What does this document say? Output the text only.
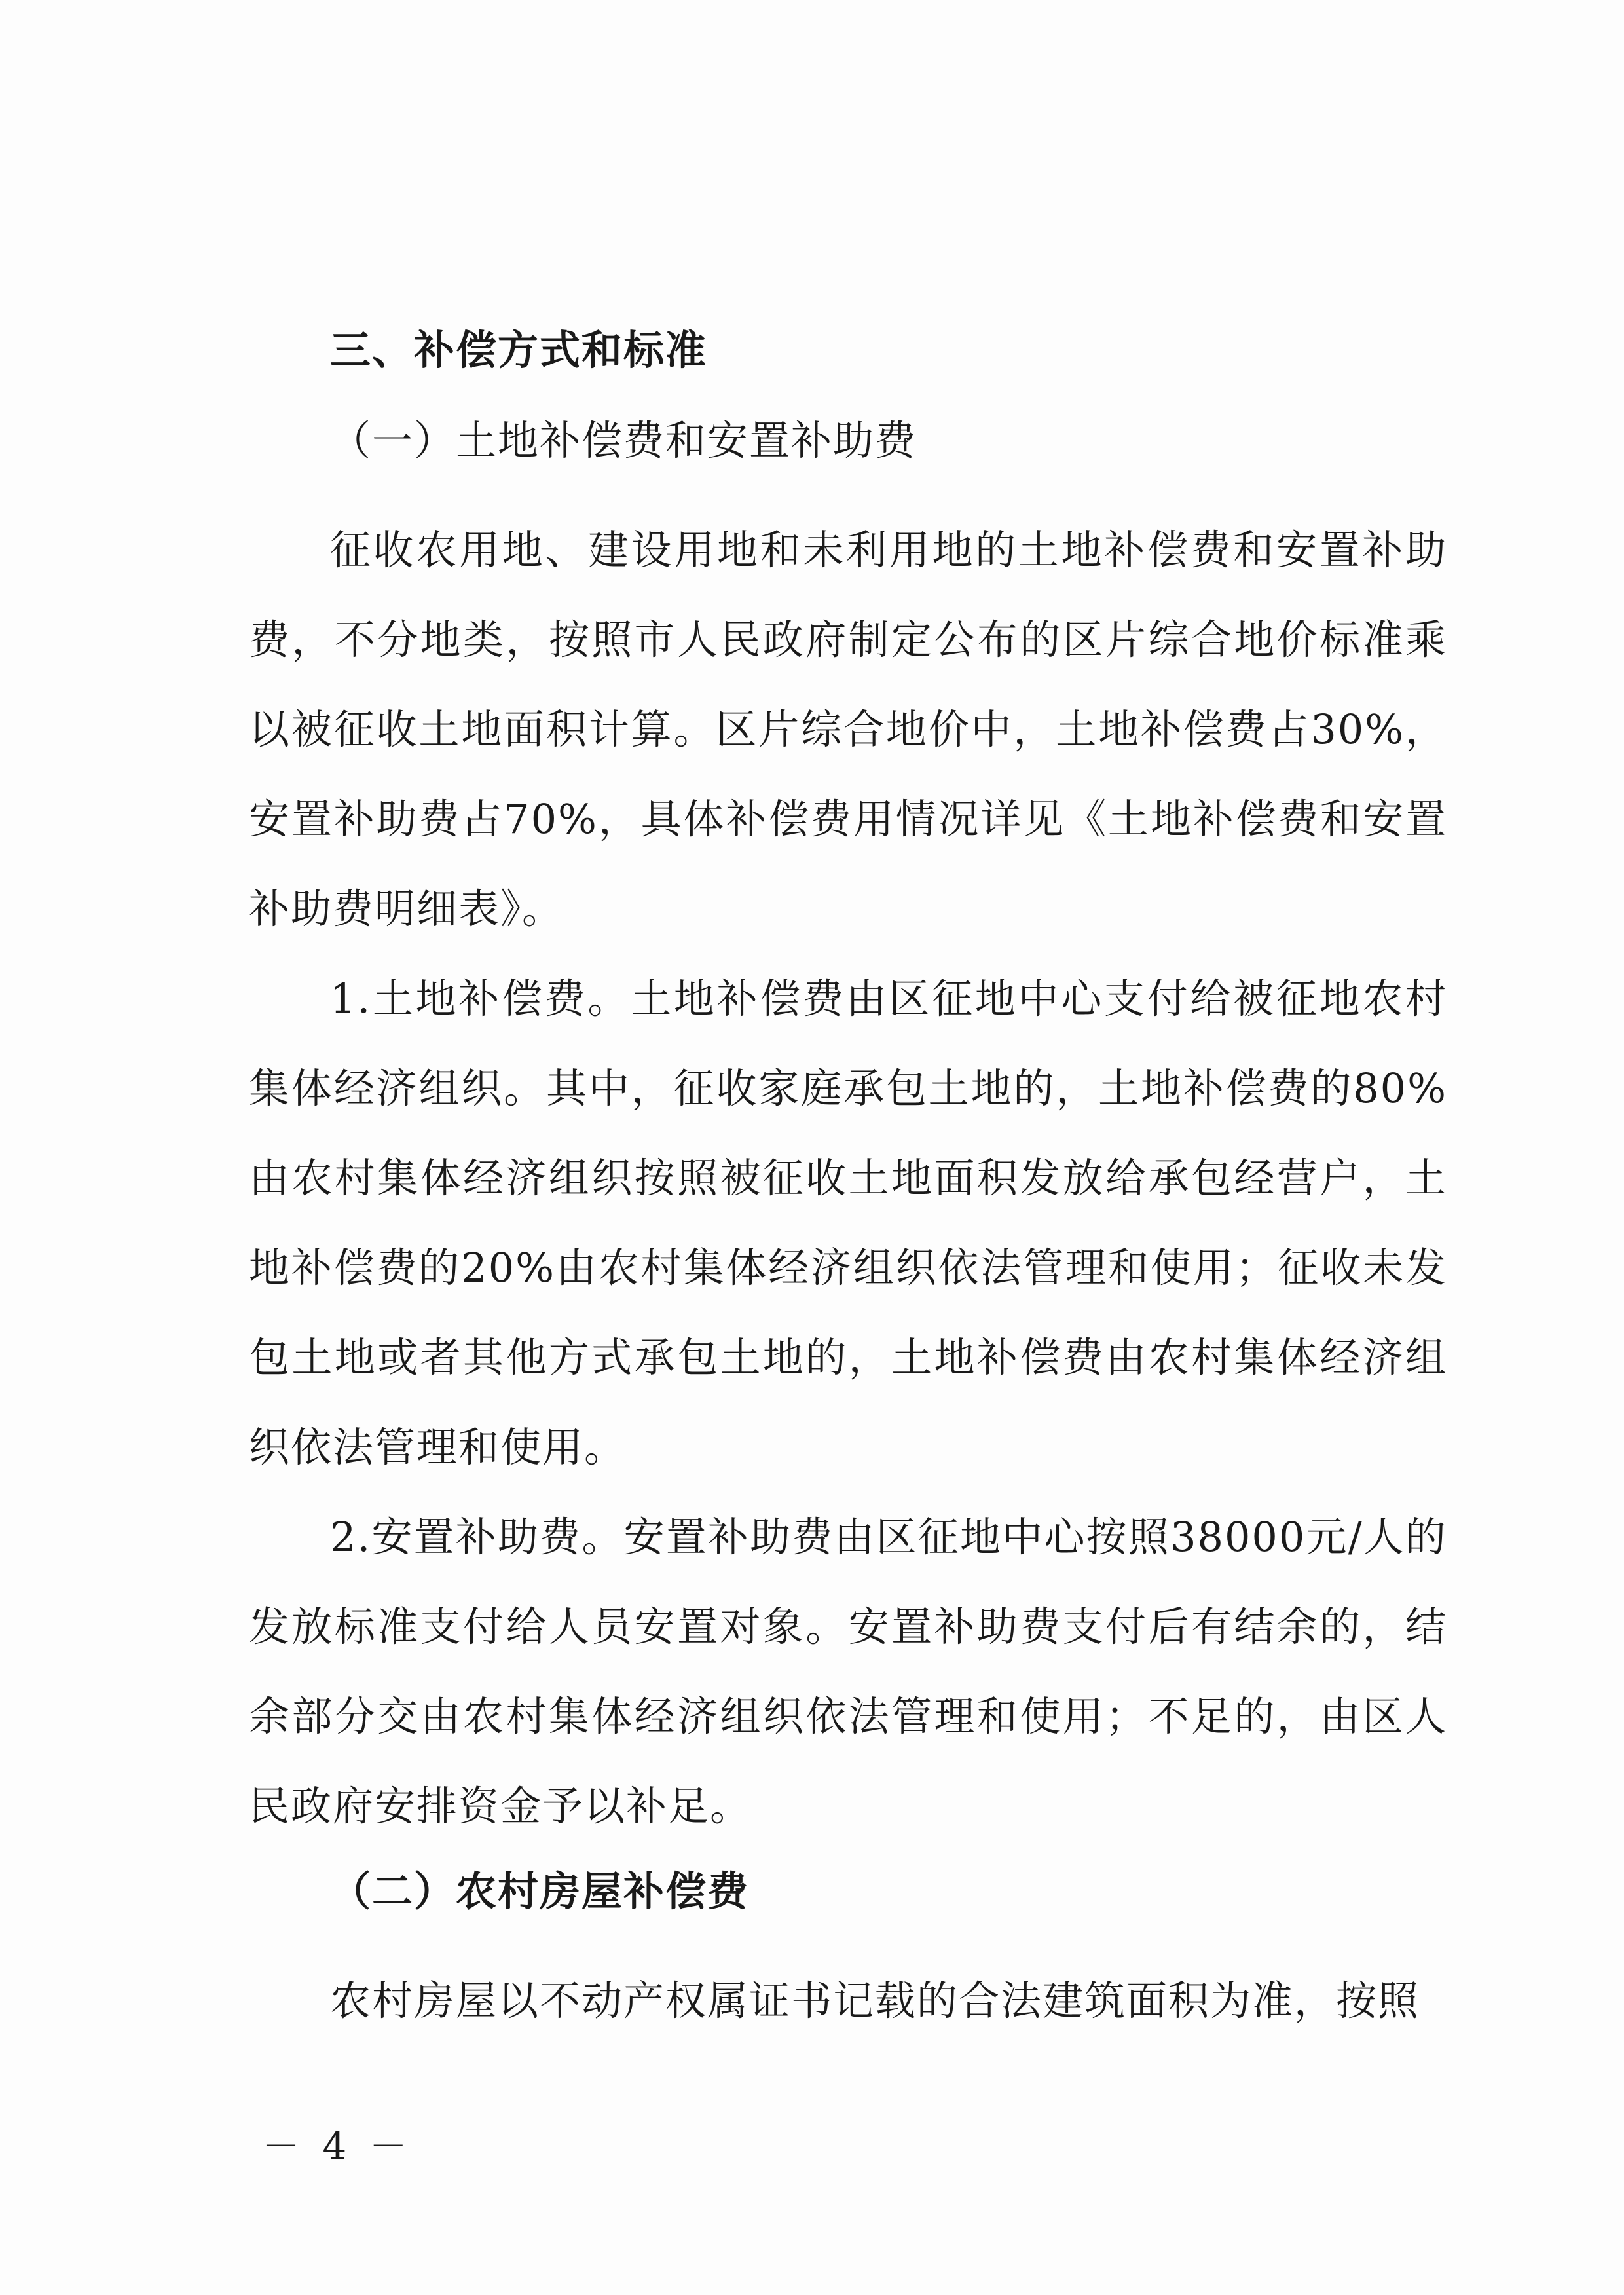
三、补偿方式和标准
（一）土地补偿费和安置补助费

征收农用地、建设用地和未利用地的土地补偿费和安置补助费，不分地类，按照市人民政府制定公布的区片综合地价标准乘以被征收土地面积计算。区片综合地价中，土地补偿费占30%，安置补助费占70%，具体补偿费用情况详见《土地补偿费和安置补助费明细表》。

1.土地补偿费。土地补偿费由区征地中心支付给被征地农村集体经济组织。其中，征收家庭承包土地的，土地补偿费的80%由农村集体经济组织按照被征收土地面积发放给承包经营户，土地补偿费的20%由农村集体经济组织依法管理和使用；征收未发包土地或者其他方式承包土地的，土地补偿费由农村集体经济组织依法管理和使用。

2.安置补助费。安置补助费由区征地中心按照38000元/人的发放标准支付给人员安置对象。安置补助费支付后有结余的，结余部分交由农村集体经济组织依法管理和使用；不足的，由区人民政府安排资金予以补足。

（二）农村房屋补偿费

农村房屋以不动产权属证书记载的合法建筑面积为准，按照

－ 4 －
